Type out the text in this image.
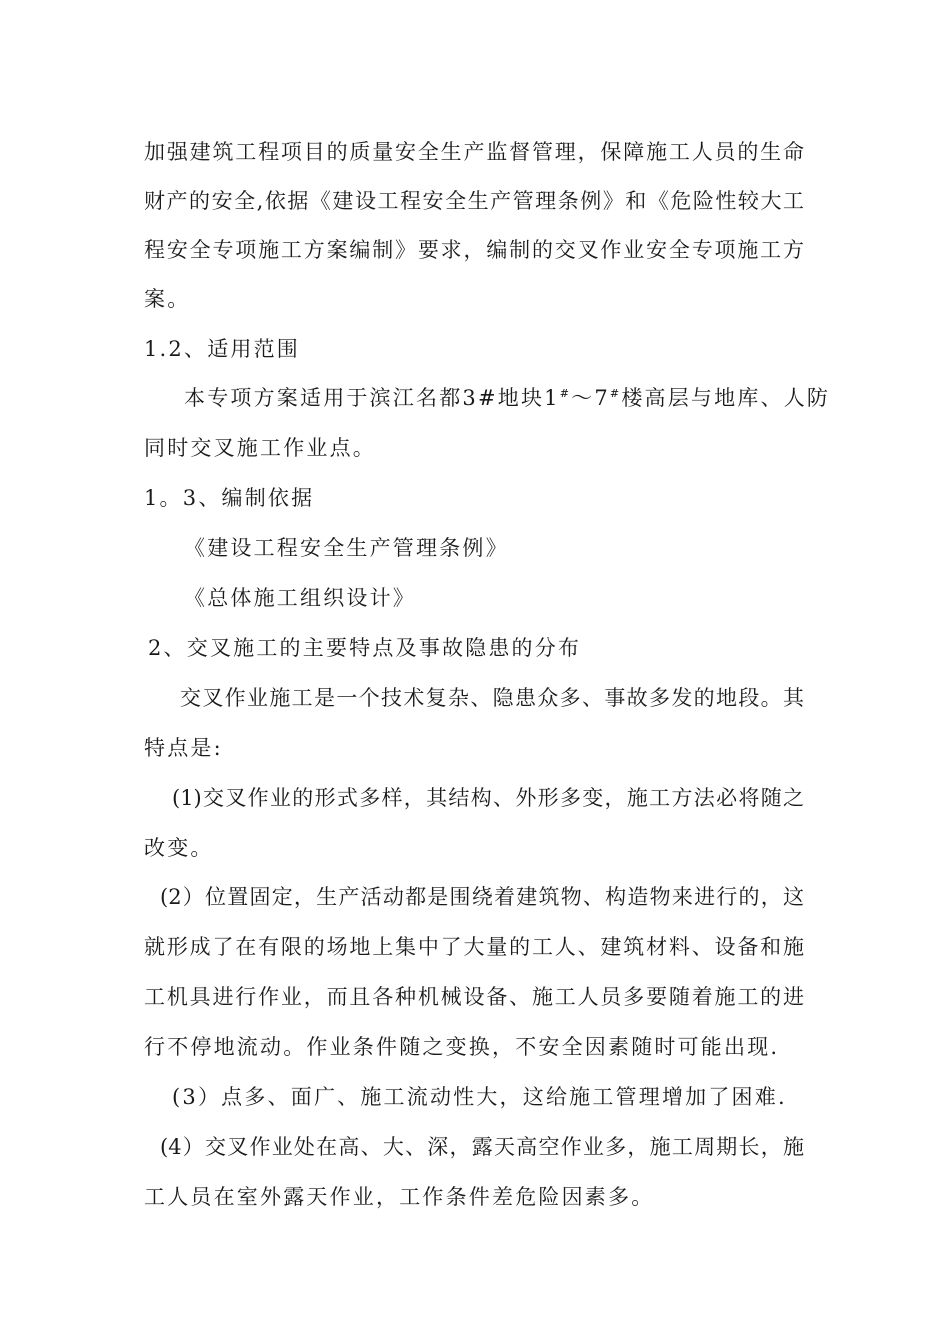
加强建筑工程项目的质量安全生产监督管理，保障施工人员的生命
财产的安全,依据《建设工程安全生产管理条例》和《危险性较大工
程安全专项施工方案编制》要求，编制的交叉作业安全专项施工方
案。
1.2、适用范围
本专项方案适用于滨江名都3#地块1#～7#楼高层与地库、人防
同时交叉施工作业点。
1。3、编制依据
《建设工程安全生产管理条例》
《总体施工组织设计》
2、交叉施工的主要特点及事故隐患的分布
交叉作业施工是一个技术复杂、隐患众多、事故多发的地段。其
特点是:
(1)交叉作业的形式多样，其结构、外形多变，施工方法必将随之
改变。
(2）位置固定，生产活动都是围绕着建筑物、构造物来进行的，这
就形成了在有限的场地上集中了大量的工人、建筑材料、设备和施
工机具进行作业，而且各种机械设备、施工人员多要随着施工的进
行不停地流动。作业条件随之变换，不安全因素随时可能出现.
(3）点多、面广、施工流动性大，这给施工管理增加了困难.
(4）交叉作业处在高、大、深，露天高空作业多，施工周期长，施
工人员在室外露天作业，工作条件差危险因素多。
